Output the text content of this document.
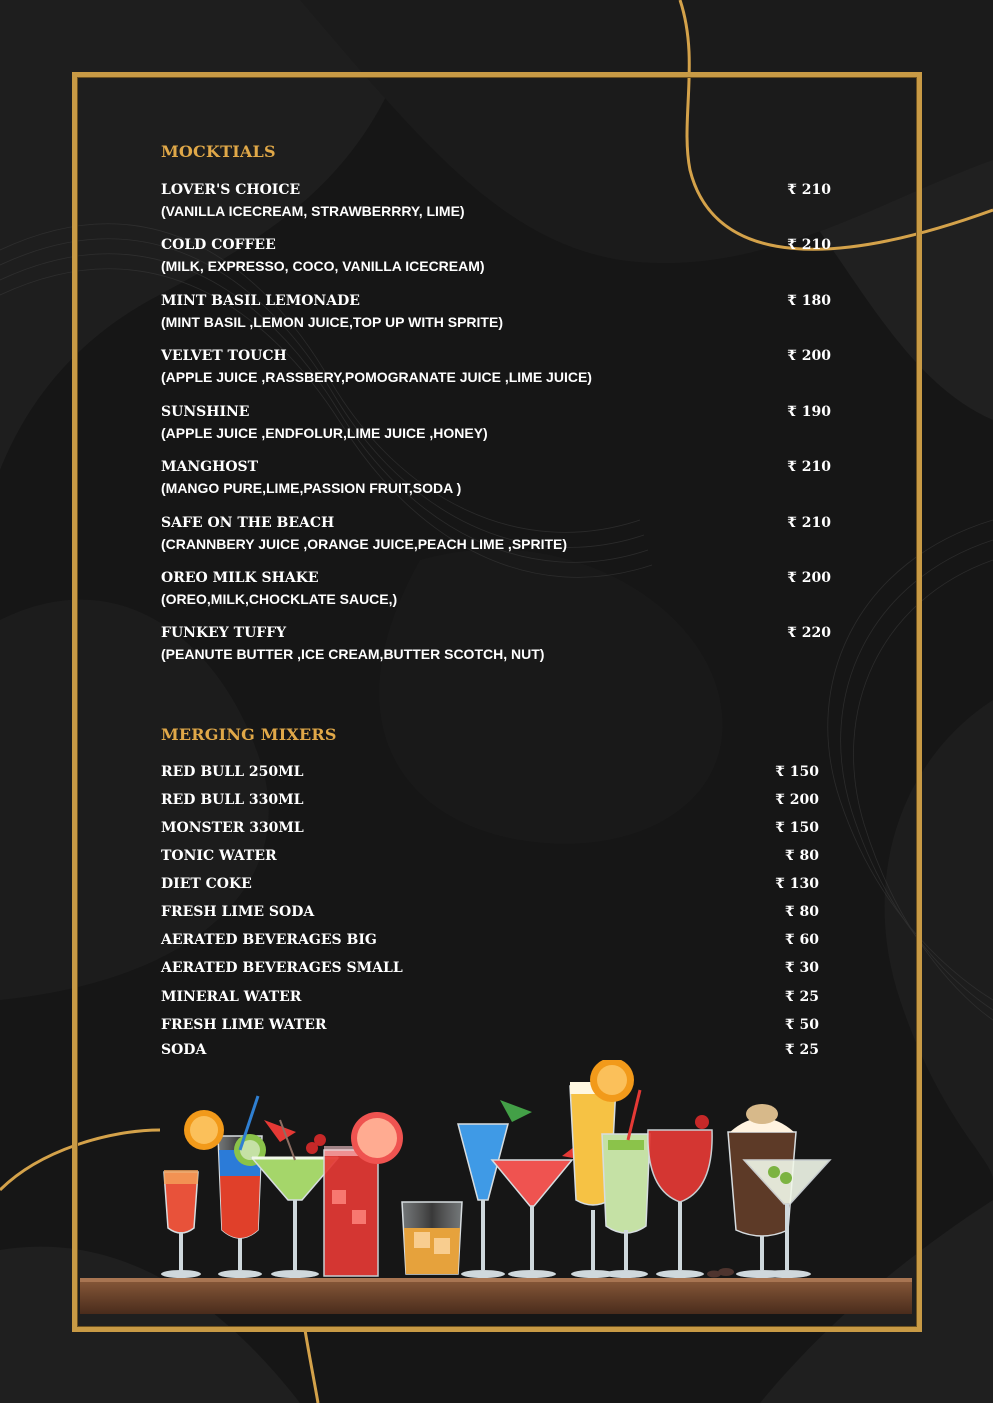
MOCKTIALS
LOVER'S CHOICE
(VANILLA ICECREAM, STRAWBERRRY, LIME)
₹ 210
COLD COFFEE
(MILK, EXPRESSO, COCO, VANILLA ICECREAM)
₹ 210
MINT BASIL LEMONADE
(MINT BASIL ,LEMON JUICE,TOP UP WITH SPRITE)
₹ 180
VELVET TOUCH
(APPLE JUICE ,RASSBERY,POMOGRANATE JUICE ,LIME JUICE)
₹ 200
SUNSHINE
(APPLE JUICE ,ENDFOLUR,LIME JUICE ,HONEY)
₹ 190
MANGHOST
(MANGO PURE,LIME,PASSION FRUIT,SODA )
₹ 210
SAFE ON THE BEACH
(CRANNBERY JUICE ,ORANGE JUICE,PEACH LIME ,SPRITE)
₹ 210
OREO MILK SHAKE
(OREO,MILK,CHOCKLATE SAUCE,)
₹ 200
FUNKEY TUFFY
(PEANUTE BUTTER ,ICE CREAM,BUTTER SCOTCH, NUT)
₹ 220
MERGING MIXERS
RED BULL 250ML	₹ 150
RED BULL 330ML	₹ 200
MONSTER 330ML	₹ 150
TONIC WATER	₹ 80
DIET COKE	₹ 130
FRESH LIME SODA	₹ 80
AERATED BEVERAGES BIG	₹ 60
AERATED BEVERAGES SMALL	₹ 30
MINERAL WATER	₹ 25
FRESH LIME WATER	₹ 50
SODA	₹ 25
